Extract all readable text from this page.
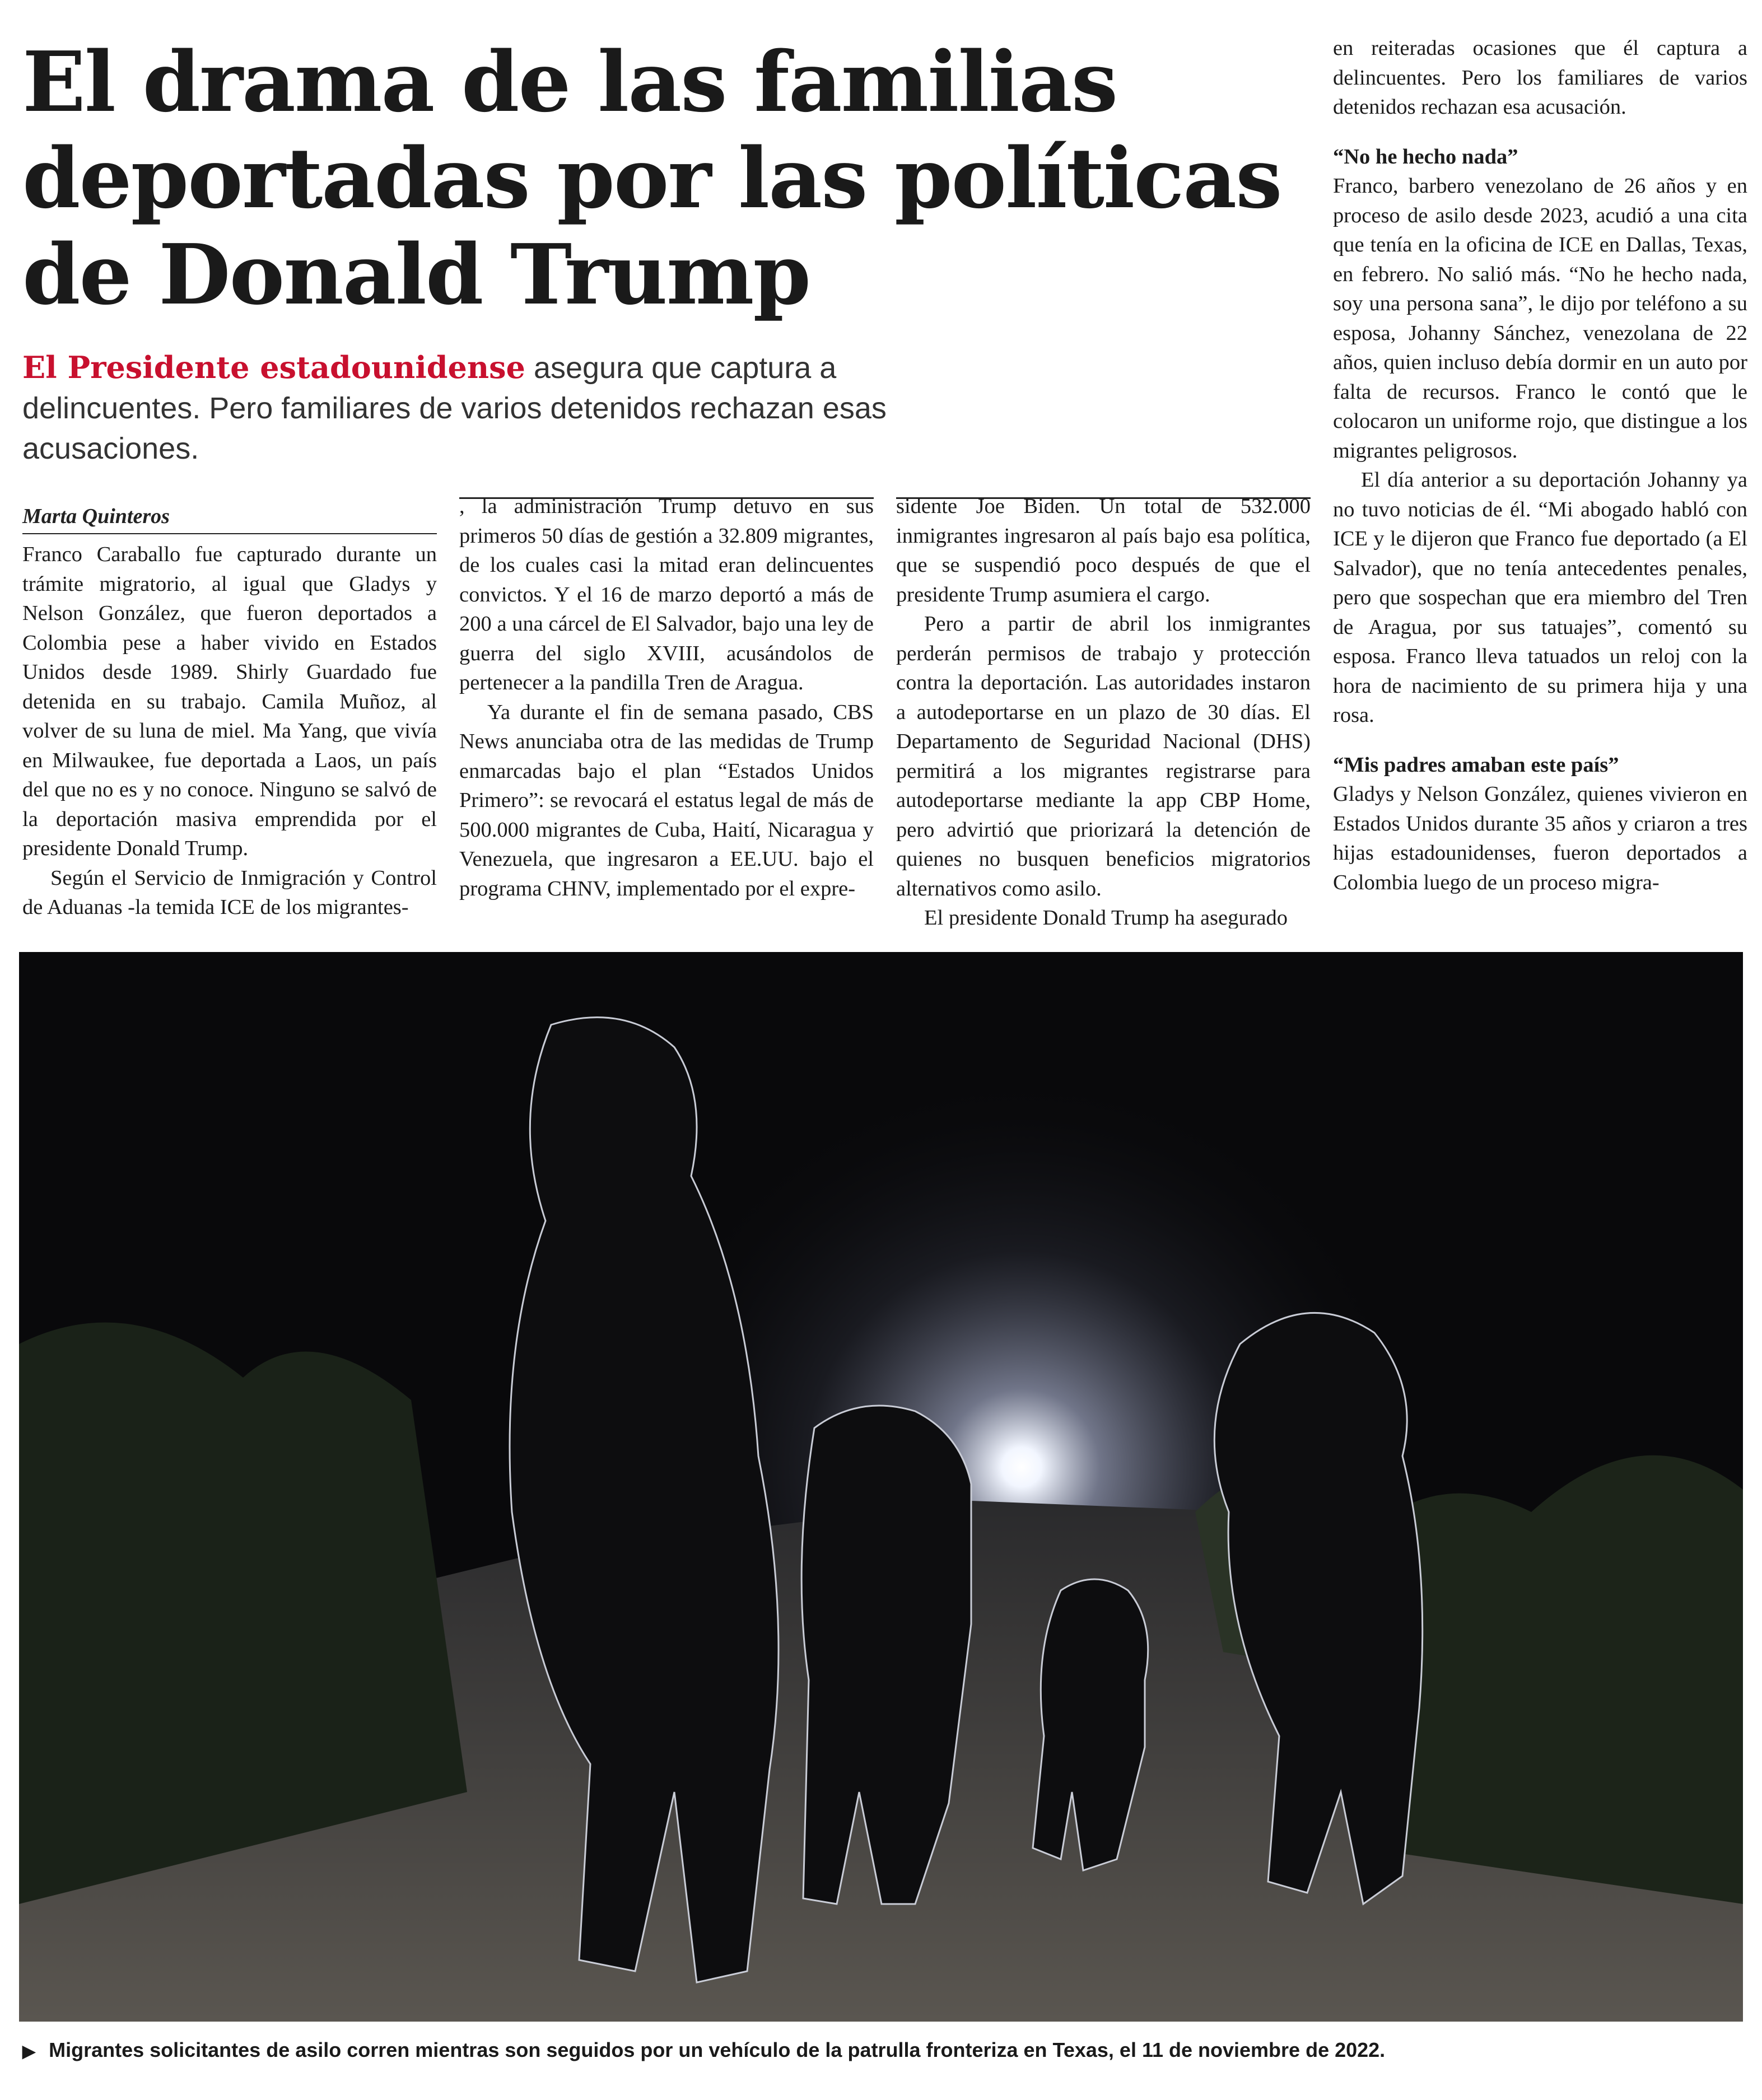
El drama de las familias deportadas por las políticas de Donald Trump
El Presidente estadounidense asegura que captura a delincuentes. Pero familiares de varios detenidos rechazan esas acusaciones.
Marta Quinteros

Franco Caraballo fue capturado durante un trámite migratorio, al igual que Gladys y Nelson González, que fueron deportados a Colombia pese a haber vivido en Estados Unidos desde 1989. Shirly Guardado fue detenida en su trabajo. Camila Muñoz, al volver de su luna de miel. Ma Yang, que vivía en Milwaukee, fue deportada a Laos, un país del que no es y no conoce. Ninguno se salvó de la deportación masiva emprendida por el presidente Donald Trump.

Según el Servicio de Inmigración y Control de Aduanas -la temida ICE de los migrantes-

, la administración Trump detuvo en sus primeros 50 días de gestión a 32.809 migrantes, de los cuales casi la mitad eran delincuentes convictos. Y el 16 de marzo deportó a más de 200 a una cárcel de El Salvador, bajo una ley de guerra del siglo XVIII, acusándolos de pertenecer a la pandilla Tren de Aragua.

Ya durante el fin de semana pasado, CBS News anunciaba otra de las medidas de Trump enmarcadas bajo el plan “Estados Unidos Primero”: se revocará el estatus legal de más de 500.000 migrantes de Cuba, Haití, Nicaragua y Venezuela, que ingresaron a EE.UU. bajo el programa CHNV, implementado por el expre-

sidente Joe Biden. Un total de 532.000 inmigrantes ingresaron al país bajo esa política, que se suspendió poco después de que el presidente Trump asumiera el cargo.

Pero a partir de abril los inmigrantes perderán permisos de trabajo y protección contra la deportación. Las autoridades instaron a autodeportarse en un plazo de 30 días. El Departamento de Seguridad Nacional (DHS) permitirá a los migrantes registrarse para autodeportarse mediante la app CBP Home, pero advirtió que priorizará la detención de quienes no busquen beneficios migratorios alternativos como asilo.

El presidente Donald Trump ha asegurado

en reiteradas ocasiones que él captura a delincuentes. Pero los familiares de varios detenidos rechazan esa acusación.

“No he hecho nada”

Franco, barbero venezolano de 26 años y en proceso de asilo desde 2023, acudió a una cita que tenía en la oficina de ICE en Dallas, Texas, en febrero. No salió más. “No he hecho nada, soy una persona sana”, le dijo por teléfono a su esposa, Johanny Sánchez, venezolana de 22 años, quien incluso debía dormir en un auto por falta de recursos. Franco le contó que le colocaron un uniforme rojo, que distingue a los migrantes peligrosos.

El día anterior a su deportación Johanny ya no tuvo noticias de él. “Mi abogado habló con ICE y le dijeron que Franco fue deportado (a El Salvador), que no tenía antecedentes penales, pero que sospechan que era miembro del Tren de Aragua, por sus tatuajes”, comentó su esposa. Franco lleva tatuados un reloj con la hora de nacimiento de su primera hija y una rosa.

“Mis padres amaban este país”

Gladys y Nelson González, quienes vivieron en Estados Unidos durante 35 años y criaron a tres hijas estadounidenses, fueron deportados a Colombia luego de un proceso migra-

▶ Migrantes solicitantes de asilo corren mientras son seguidos por un vehículo de la patrulla fronteriza en Texas, el 11 de noviembre de 2022.
